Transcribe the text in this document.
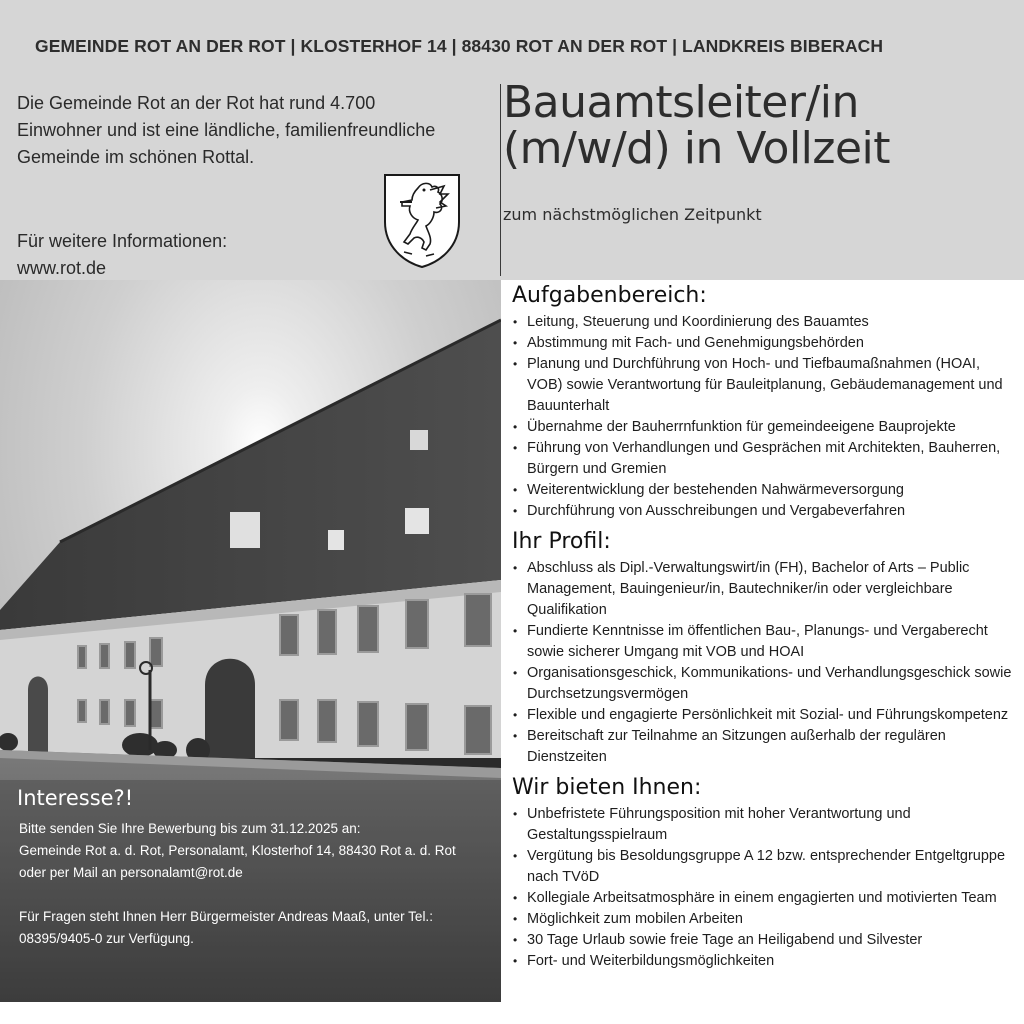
GEMEINDE ROT AN DER ROT | KLOSTERHOF 14 | 88430 ROT AN DER ROT | LANDKREIS BIBERACH

Die Gemeinde Rot an der Rot hat rund 4.700

Einwohner und ist eine ländliche, familienfreundliche

Gemeinde im schönen Rottal.

Für weitere Informationen:
www.rot.de
Bauamtsleiter/in
(m/w/d) in Vollzeit
zum nächstmöglichen Zeitpunkt
Interesse?!
Bitte senden Sie Ihre Bewerbung bis zum 31.12.2025 an:
Gemeinde Rot a. d. Rot, Personalamt, Klosterhof 14, 88430 Rot a. d. Rot
oder per Mail an personalamt@rot.de
Für Fragen steht Ihnen Herr Bürgermeister Andreas Maaß, unter Tel.:
08395/9405-0 zur Verfügung.
Aufgabenbereich:
• Leitung, Steuerung und Koordinierung des Bauamtes
• Abstimmung mit Fach- und Genehmigungsbehörden
• Planung und Durchführung von Hoch- und Tiefbaumaßnahmen (HOAI, VOB) sowie Verantwortung für Bauleitplanung, Gebäudemanagement und Bauunterhalt
• Übernahme der Bauherrnfunktion für gemeindeeigene Bauprojekte
• Führung von Verhandlungen und Gesprächen mit Architekten, Bauherren, Bürgern und Gremien
• Weiterentwicklung der bestehenden Nahwärmeversorgung
• Durchführung von Ausschreibungen und Vergabeverfahren
Ihr Profil:
• Abschluss als Dipl.-Verwaltungswirt/in (FH), Bachelor of Arts – Public Management, Bauingenieur/in, Bautechniker/in oder vergleichbare Qualifikation
• Fundierte Kenntnisse im öffentlichen Bau-, Planungs- und Vergaberecht sowie sicherer Umgang mit VOB und HOAI
• Organisationsgeschick, Kommunikations- und Verhandlungsgeschick sowie Durchsetzungsvermögen
• Flexible und engagierte Persönlichkeit mit Sozial- und Führungskompetenz
• Bereitschaft zur Teilnahme an Sitzungen außerhalb der regulären Dienstzeiten
Wir bieten Ihnen:
• Unbefristete Führungsposition mit hoher Verantwortung und Gestaltungsspielraum
• Vergütung bis Besoldungsgruppe A 12 bzw. entsprechender Entgeltgruppe nach TVöD
• Kollegiale Arbeitsatmosphäre in einem engagierten und motivierten Team
• Möglichkeit zum mobilen Arbeiten
• 30 Tage Urlaub sowie freie Tage an Heiligabend und Silvester
• Fort- und Weiterbildungsmöglichkeiten
